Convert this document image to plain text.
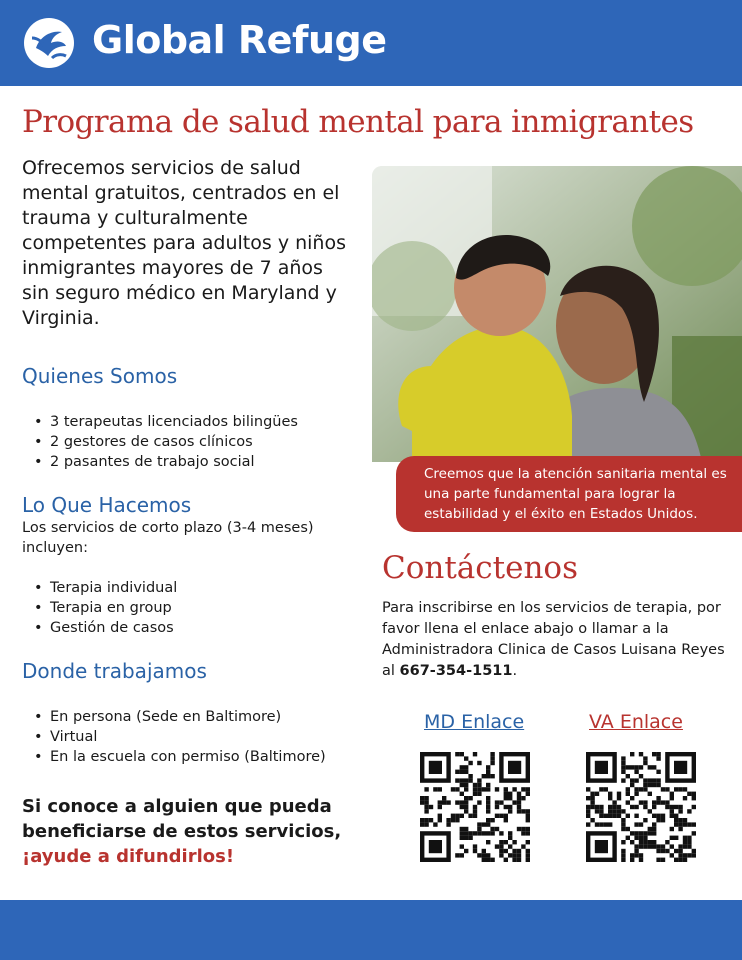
Global Refuge
Programa de salud mental para inmigrantes
Ofrecemos servicios de salud mental gratuitos, centrados en el trauma y culturalmente competentes para adultos y niños inmigrantes mayores de 7 años sin seguro médico en Maryland y Virginia.
Quienes Somos
• 3 terapeutas licenciados bilingües
• 2 gestores de casos clínicos
• 2 pasantes de trabajo social
Lo Que Hacemos
Los servicios de corto plazo (3-4 meses) incluyen:
• Terapia individual
• Terapia en group
• Gestión de casos
Donde trabajamos
• En persona (Sede en Baltimore)
• Virtual
• En la escuela con permiso (Baltimore)
Si conoce a alguien que pueda beneficiarse de estos servicios, ¡ayude a difundirlos!
Creemos que la atención sanitaria mental es una parte fundamental para lograr la estabilidad y el éxito en Estados Unidos.
Contáctenos
Para inscribirse en los servicios de terapia, por favor llena el enlace abajo o llamar a la Administradora Clinica de Casos Luisana Reyes al 667-354-1511.
MD Enlace	VA Enlace
